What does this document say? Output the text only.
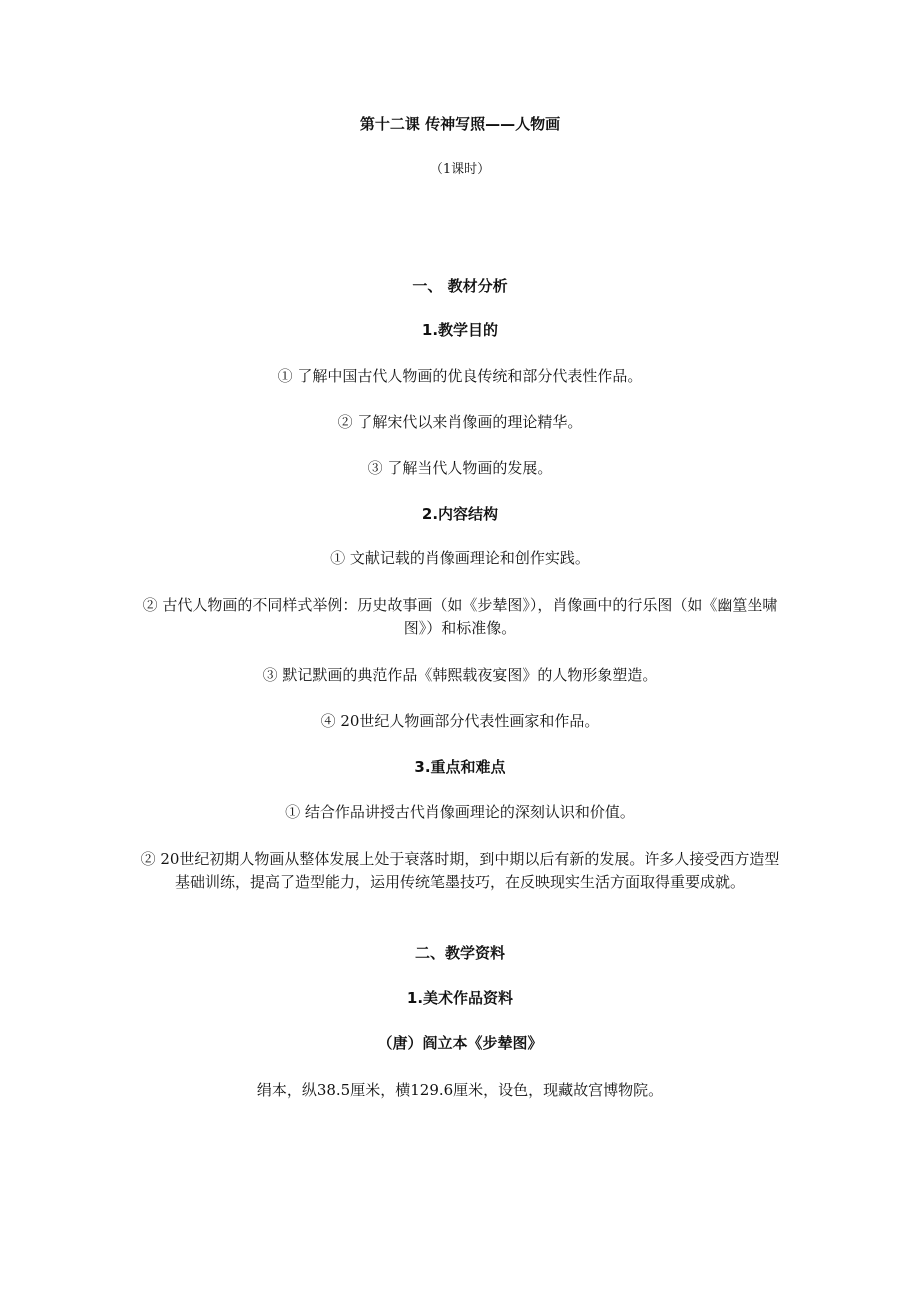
第十二课 传神写照——人物画
（1课时）
一、 教材分析
1.教学目的
① 了解中国古代人物画的优良传统和部分代表性作品。
② 了解宋代以来肖像画的理论精华。
③ 了解当代人物画的发展。
2.内容结构
① 文献记载的肖像画理论和创作实践。
② 古代人物画的不同样式举例：历史故事画（如《步辇图》），肖像画中的行乐图（如《幽篁坐啸图》）和标准像。
③ 默记默画的典范作品《韩熙载夜宴图》的人物形象塑造。
④ 20世纪人物画部分代表性画家和作品。
3.重点和难点
① 结合作品讲授古代肖像画理论的深刻认识和价值。
② 20世纪初期人物画从整体发展上处于衰落时期，到中期以后有新的发展。许多人接受西方造型基础训练，提高了造型能力，运用传统笔墨技巧，在反映现实生活方面取得重要成就。
二、教学资料
1.美术作品资料
（唐）阎立本《步辇图》
绢本，纵38.5厘米，横129.6厘米，设色，现藏故宫博物院。
